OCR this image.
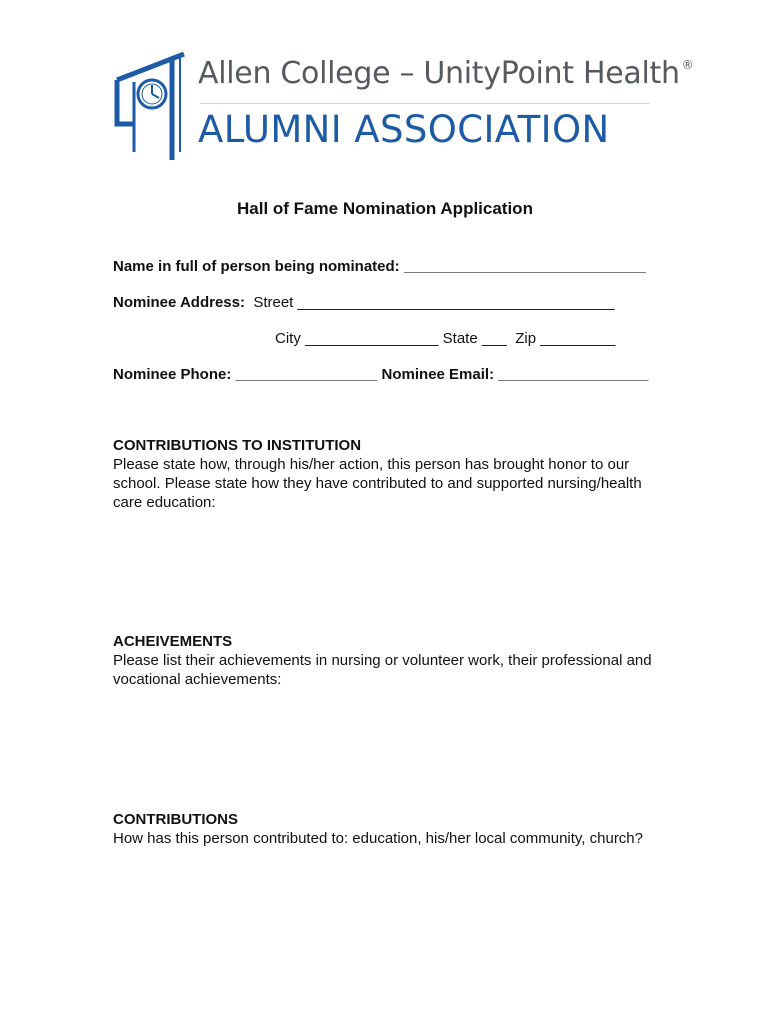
Allen College – UnityPoint Health ®
ALUMNI ASSOCIATION
Hall of Fame Nomination Application
Name in full of person being nominated: _____________________________
Nominee Address: Street ______________________________________
City ________________ State ___ Zip _________
Nominee Phone: _________________ Nominee Email: __________________
CONTRIBUTIONS TO INSTITUTION
Please state how, through his/her action, this person has brought honor to our school. Please state how they have contributed to and supported nursing/health care education:
ACHEIVEMENTS
Please list their achievements in nursing or volunteer work, their professional and vocational achievements:
CONTRIBUTIONS
How has this person contributed to: education, his/her local community, church?
